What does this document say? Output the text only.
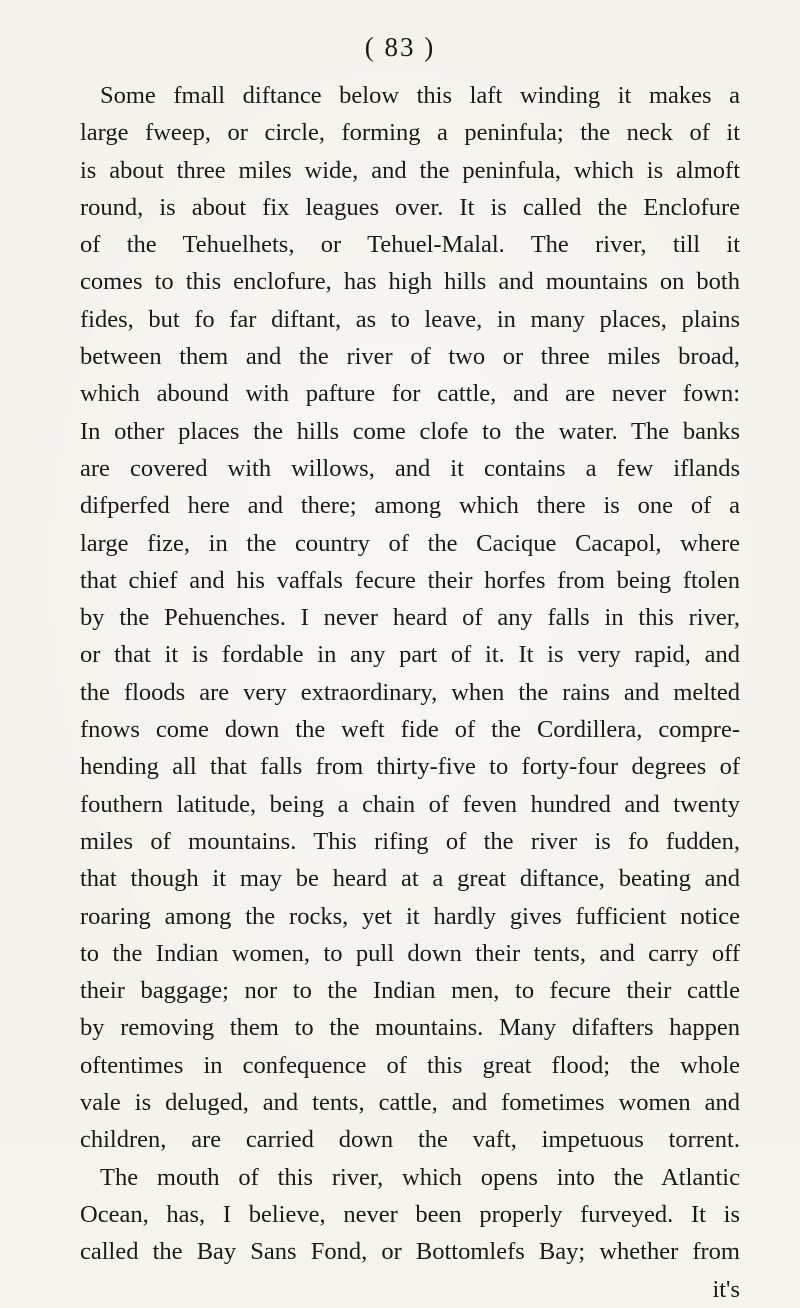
( 83 )
Some fmall diftance below this laft winding it makes a
large fweep, or circle, forming a peninfula; the neck of it
is about three miles wide, and the peninfula, which is almoft
round, is about fix leagues over. It is called the Enclofure
of the Tehuelhets, or Tehuel-Malal. The river, till it
comes to this enclofure, has high hills and mountains on both
fides, but fo far diftant, as to leave, in many places, plains
between them and the river of two or three miles broad,
which abound with pafture for cattle, and are never fown:
In other places the hills come clofe to the water. The banks
are covered with willows, and it contains a few iflands
difperfed here and there; among which there is one of a
large fize, in the country of the Cacique Cacapol, where
that chief and his vaffals fecure their horfes from being ftolen
by the Pehuenches. I never heard of any falls in this river,
or that it is fordable in any part of it. It is very rapid, and
the floods are very extraordinary, when the rains and melted
fnows come down the weft fide of the Cordillera, compre-
hending all that falls from thirty-five to forty-four degrees of
fouthern latitude, being a chain of feven hundred and twenty
miles of mountains. This rifing of the river is fo fudden,
that though it may be heard at a great diftance, beating and
roaring among the rocks, yet it hardly gives fufficient notice
to the Indian women, to pull down their tents, and carry off
their baggage; nor to the Indian men, to fecure their cattle
by removing them to the mountains. Many difafters happen
oftentimes in confequence of this great flood; the whole
vale is deluged, and tents, cattle, and fometimes women and
children, are carried down the vaft, impetuous torrent.
The mouth of this river, which opens into the Atlantic
Ocean, has, I believe, never been properly furveyed. It is
called the Bay Sans Fond, or Bottomlefs Bay; whether from
it's
